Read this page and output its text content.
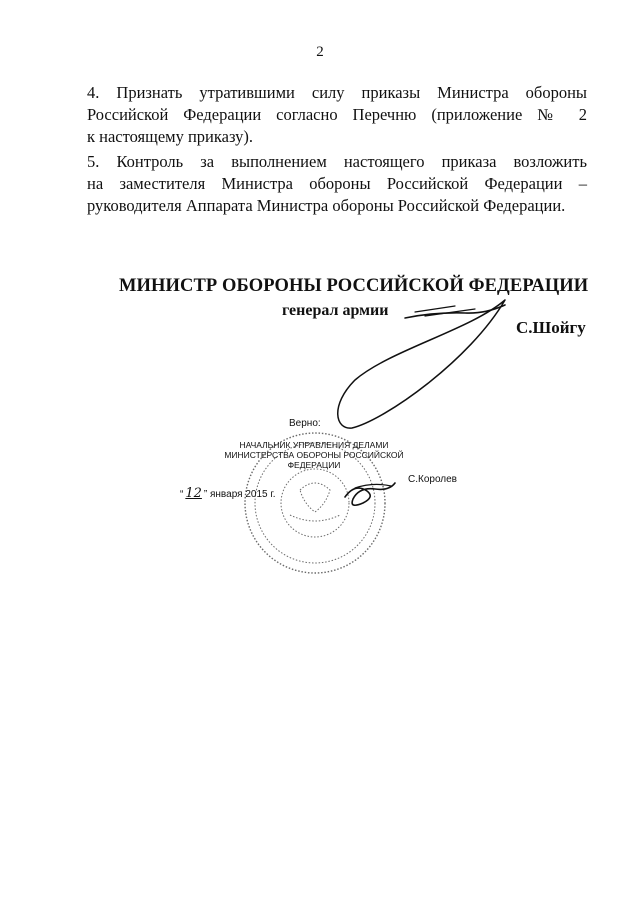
2
4. Признать утратившими силу приказы Министра обороны
Российской Федерации согласно Перечню (приложение № 2
к настоящему приказу).
5. Контроль за выполнением настоящего приказа возложить
на заместителя Министра обороны Российской Федерации –
руководителя Аппарата Министра обороны Российской Федерации.
МИНИСТР ОБОРОНЫ РОССИЙСКОЙ ФЕДЕРАЦИИ
генерал армии
С.Шойгу
Верно:
НАЧАЛЬНИК УПРАВЛЕНИЯ ДЕЛАМИ
МИНИСТЕРСТВА ОБОРОНЫ РОССИЙСКОЙ ФЕДЕРАЦИИ
“ 12 ” января 2015 г.
С.Королев
